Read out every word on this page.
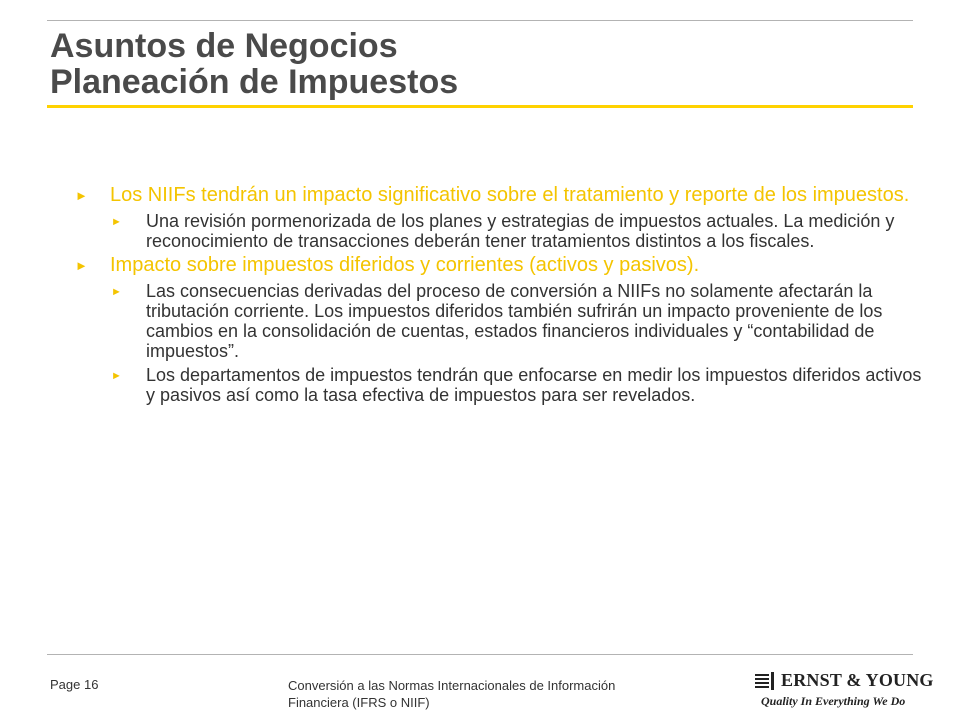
Asuntos de Negocios
Planeación de Impuestos
► Los NIIFs tendrán un impacto significativo sobre el tratamiento y reporte de los impuestos.
► Una revisión pormenorizada de los planes y estrategias de impuestos actuales. La medición y reconocimiento de transacciones deberán tener tratamientos distintos a los fiscales.
► Impacto sobre impuestos diferidos y corrientes (activos y pasivos).
► Las consecuencias derivadas del proceso de conversión a NIIFs no solamente afectarán la tributación corriente. Los impuestos diferidos también sufrirán un impacto proveniente de los cambios en la consolidación de cuentas, estados financieros individuales y “contabilidad de impuestos”.
► Los departamentos de impuestos tendrán que enfocarse en medir los impuestos diferidos activos y pasivos así como la tasa efectiva de impuestos para ser revelados.
Page 16	Conversión a las Normas Internacionales de Información
Financiera (IFRS o NIIF)
ERNST & YOUNG
Quality In Everything We Do
